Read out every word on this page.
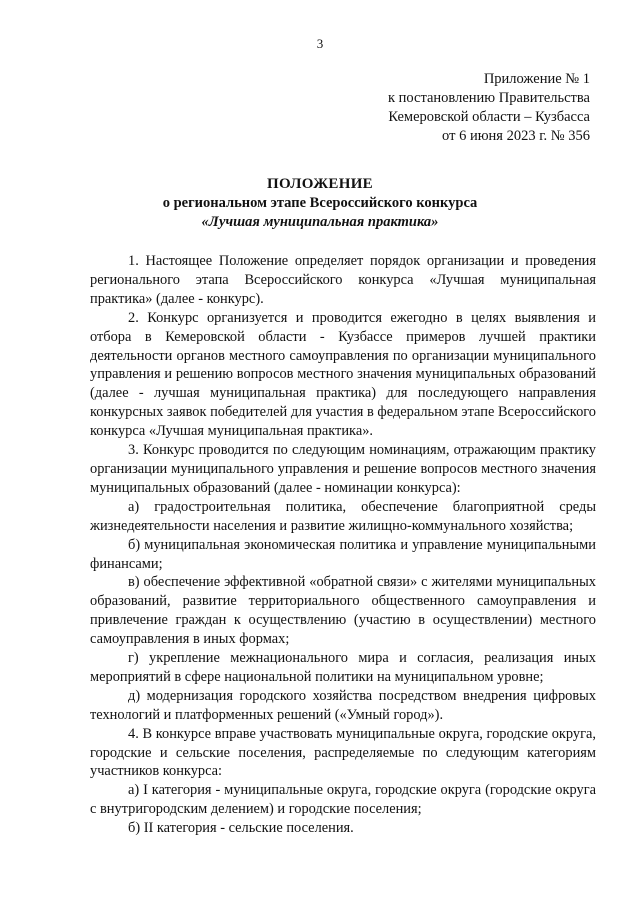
3
Приложение № 1
к постановлению Правительства
Кемеровской области – Кузбасса
от 6 июня 2023 г. № 356
ПОЛОЖЕНИЕ
о региональном этапе Всероссийского конкурса
«Лучшая муниципальная практика»

1. Настоящее Положение определяет порядок организации и проведения регионального этапа Всероссийского конкурса «Лучшая муниципальная практика» (далее - конкурс).

2. Конкурс организуется и проводится ежегодно в целях выявления и отбора в Кемеровской области - Кузбассе примеров лучшей практики деятельности органов местного самоуправления по организации муниципального управления и решению вопросов местного значения муниципальных образований (далее - лучшая муниципальная практика) для последующего направления конкурсных заявок победителей для участия в федеральном этапе Всероссийского конкурса «Лучшая муниципальная практика».

3. Конкурс проводится по следующим номинациям, отражающим практику организации муниципального управления и решение вопросов местного значения муниципальных образований (далее - номинации конкурса):

а) градостроительная политика, обеспечение благоприятной среды жизнедеятельности населения и развитие жилищно-коммунального хозяйства;

б) муниципальная экономическая политика и управление муниципальными финансами;

в) обеспечение эффективной «обратной связи» с жителями муниципальных образований, развитие территориального общественного самоуправления и привлечение граждан к осуществлению (участию в осуществлении) местного самоуправления в иных формах;

г) укрепление межнационального мира и согласия, реализация иных мероприятий в сфере национальной политики на муниципальном уровне;

д) модернизация городского хозяйства посредством внедрения цифровых технологий и платформенных решений («Умный город»).

4. В конкурсе вправе участвовать муниципальные округа, городские округа, городские и сельские поселения, распределяемые по следующим категориям участников конкурса:

а) I категория - муниципальные округа, городские округа (городские округа с внутригородским делением) и городские поселения;

б) II категория - сельские поселения.
